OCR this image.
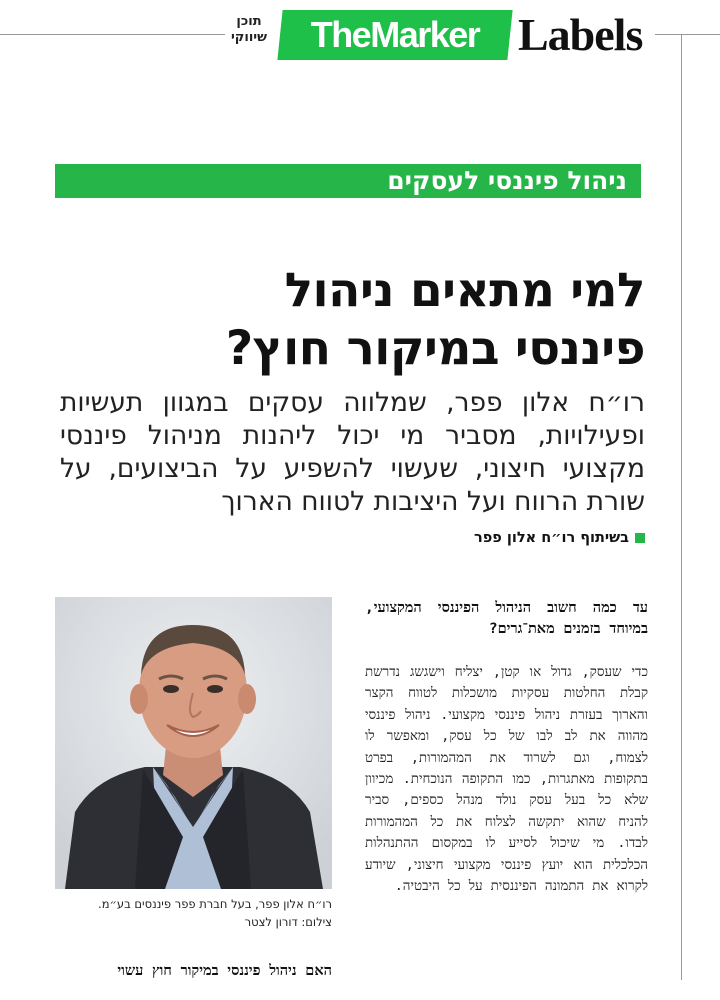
תוכן
שיווקי	TheMarker Labels
ניהול פיננסי לעסקים
למי מתאים ניהול פיננסי במיקור חוץ?

רו״ח אלון פפר, שמלווה עסקים במגוון תעשיות ופעילויות, מסביר מי יכול ליהנות מניהול פיננסי מקצועי חיצוני, שעשוי להשפיע על הביצועים, על שורת הרווח ועל היציבות לטווח הארוך

בשיתוף רו״ח אלון פפר
רו״ח אלון פפר, בעל חברת פפר פיננסים בע״מ.
צילום: דורון לצטר
עד כמה חשוב הניהול הפיננסי המקצועי, במיוחד בזמנים מאת־גרים?

כדי שעסק, גדול או קטן, יצליח וישגשג נדרשת קבלת החלטות עסקיות מושכלות לטווח הקצר והארוך בעזרת ניהול פיננסי מקצועי. ניהול פיננסי מהווה את לב לבו של כל עסק, ומאפשר לו לצמוח, וגם לשרוד את המהמורות, בפרט בתקופות מאתגרות, כמו התקופה הנוכחית. מכיוון שלא כל בעל עסק נולד מנהל כספים, סביר להניח שהוא יתקשה לצלוח את כל המהמורות לבדו. מי שיכול לסייע לו במקסום ההתנהלות הכלכלית הוא יועץ פיננסי מקצועי חיצוני, שיודע לקרוא את התמונה הפיננסית על כל היבטיה.

האם ניהול פיננסי במיקור חוץ עשוי
